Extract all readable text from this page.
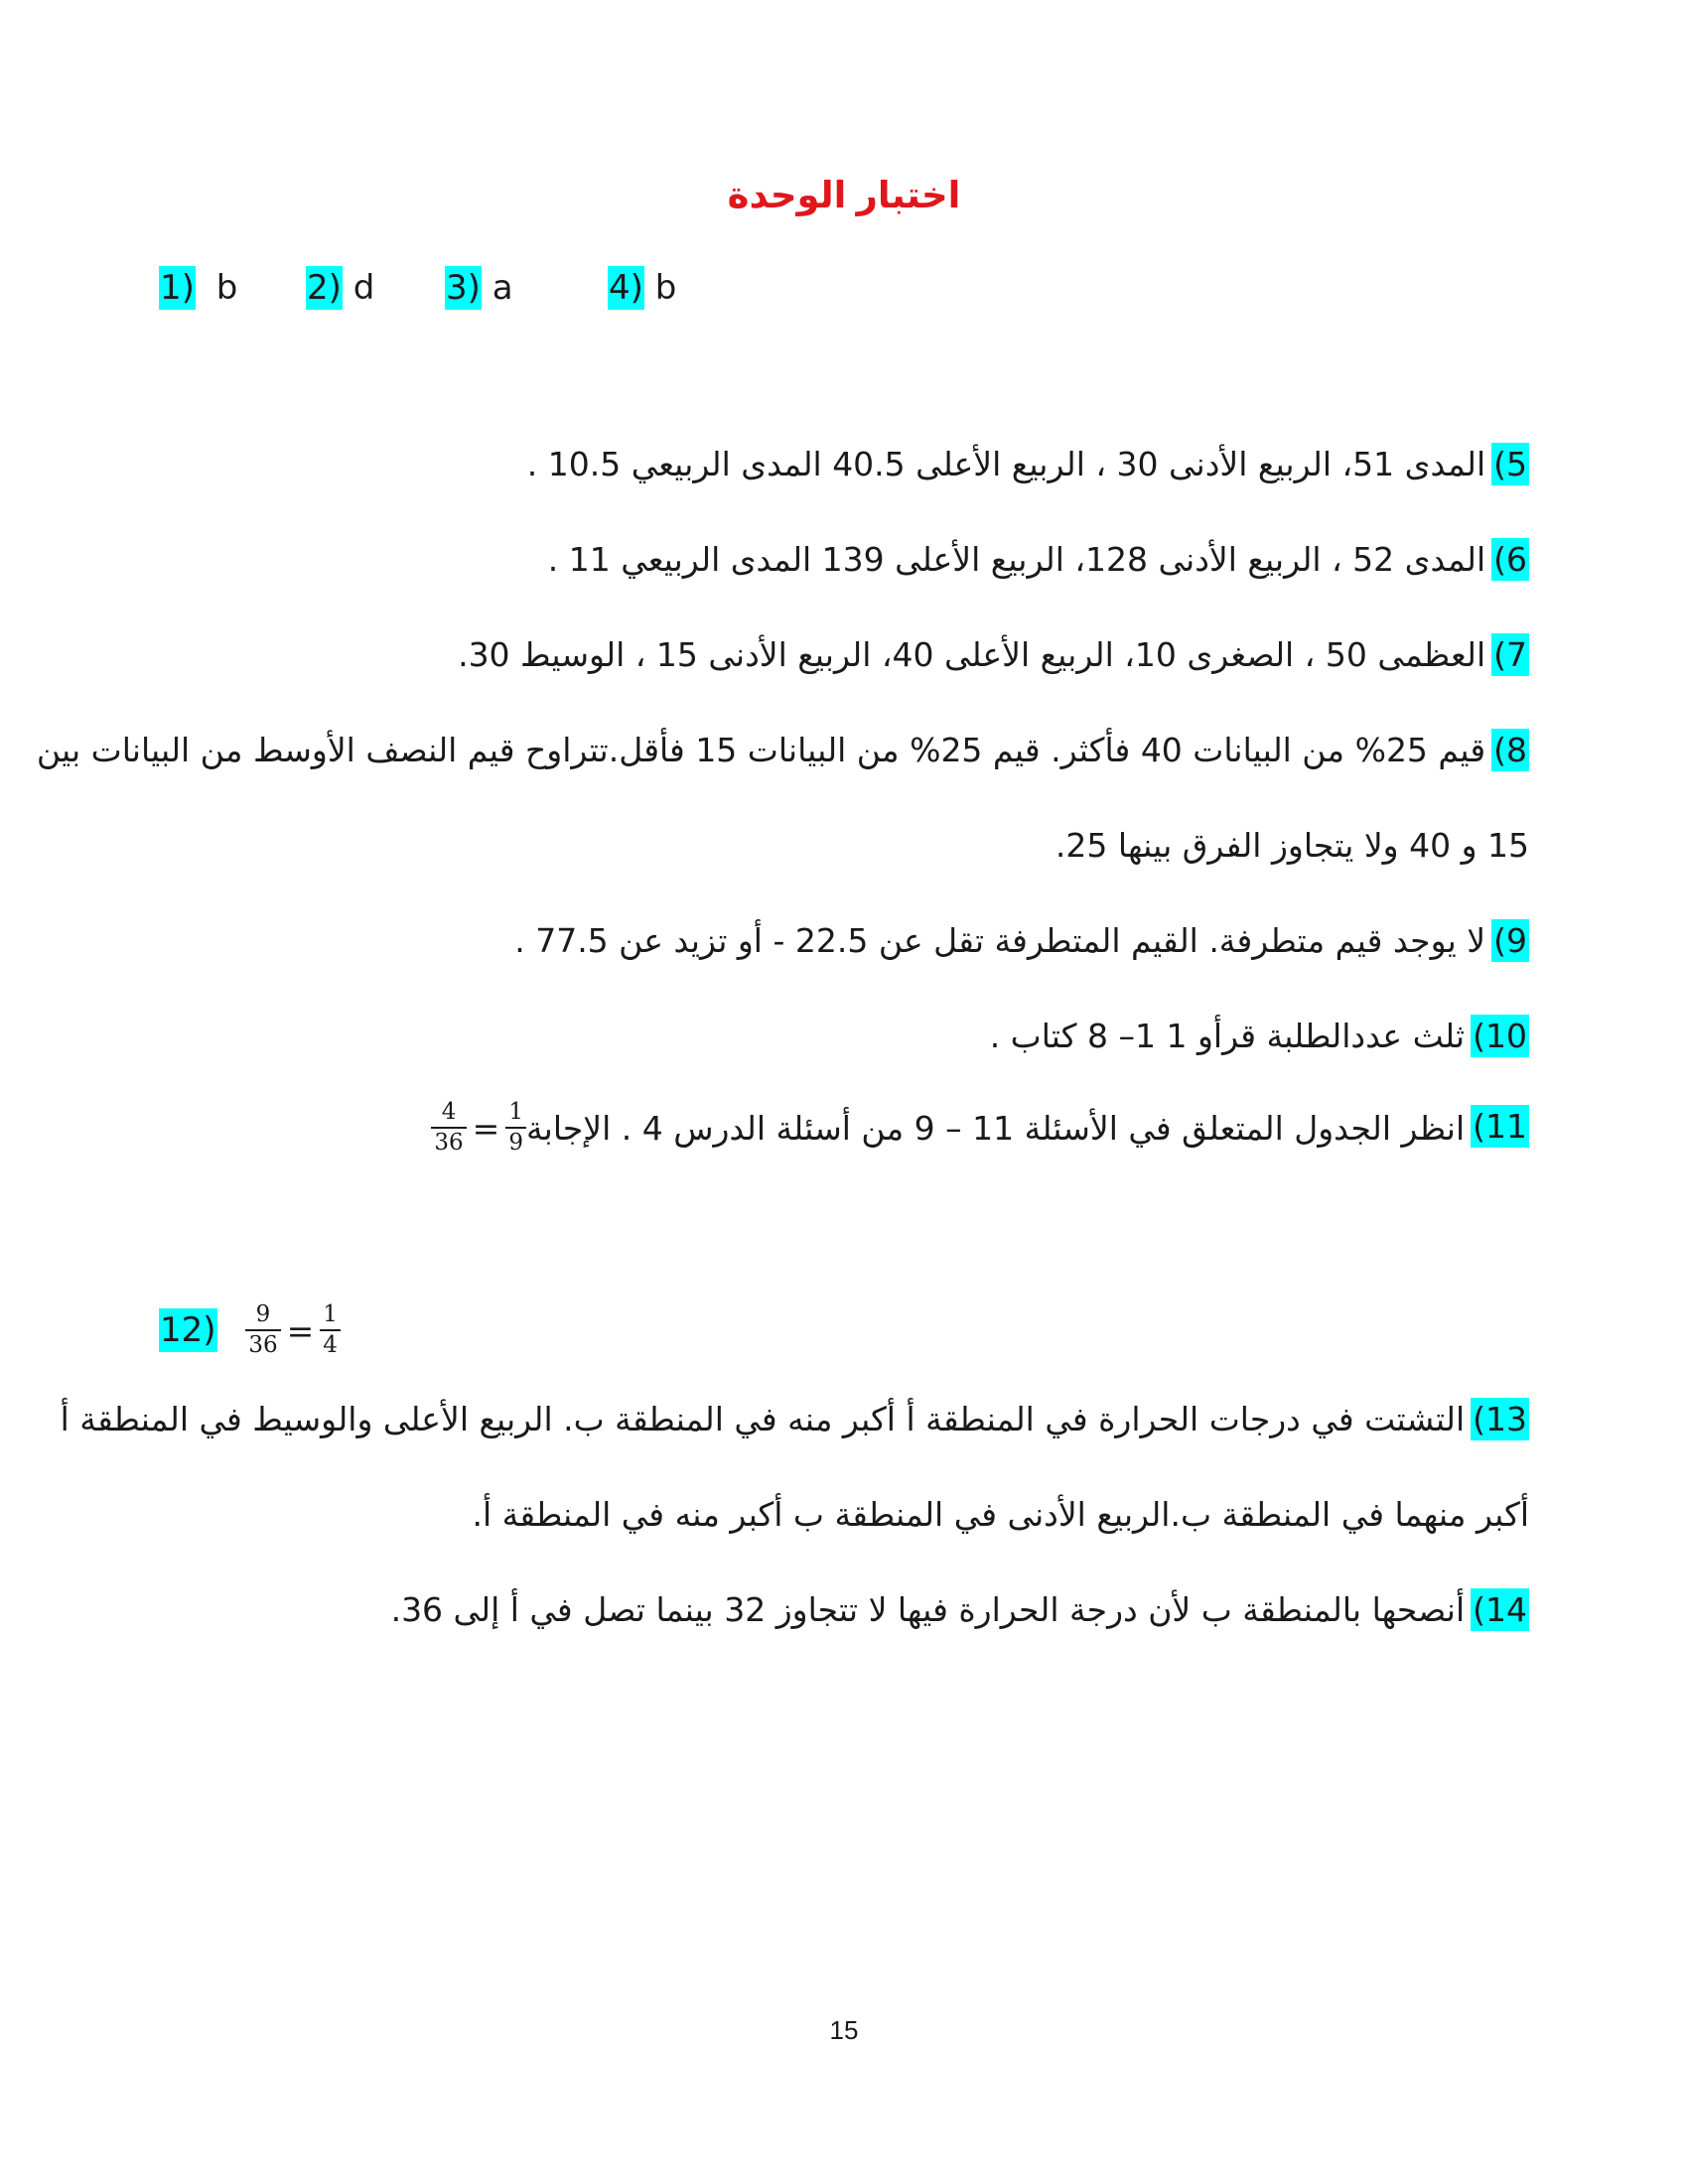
اختبار الوحدة
1) b 2) d 3) a	4) b
5)المدى 51، الربيع الأدنى 30 ، الربيع الأعلى 40.5 المدى الربيعي 10.5 .
6)المدى 52 ، الربيع الأدنى 128، الربيع الأعلى 139 المدى الربيعي 11 .
7)العظمى 50 ، الصغرى 10، الربيع الأعلى 40، الربيع الأدنى 15 ، الوسيط 30.
8)قيم 25% من البيانات 40 فأكثر. قيم 25% من البيانات 15 فأقل.تتراوح قيم النصف الأوسط من البيانات بين
15 و 40 ولا يتجاوز الفرق بينها 25.
9)لا يوجد قيم متطرفة. القيم المتطرفة تقل عن 22.5 - أو تزيد عن 77.5 .
10)ثلث عددالطلبة قرأو 1 1– 8 كتاب .
11)انظر الجدول المتعلق في الأسئلة 11 – 9 من أسئلة الدرس 4 . الإجابة
$\frac{4}{36} = \frac{1}{9}$
$12) \frac{9}{36} = \frac{1}{4}$
13)التشتت في درجات الحرارة في المنطقة أ أكبر منه في المنطقة ب. الربيع الأعلى والوسيط في المنطقة أ
أكبر منهما في المنطقة ب.الربيع الأدنى في المنطقة ب أكبر منه في المنطقة أ.
14)أنصحها بالمنطقة ب لأن درجة الحرارة فيها لا تتجاوز 32 بينما تصل في أ إلى 36.
15
